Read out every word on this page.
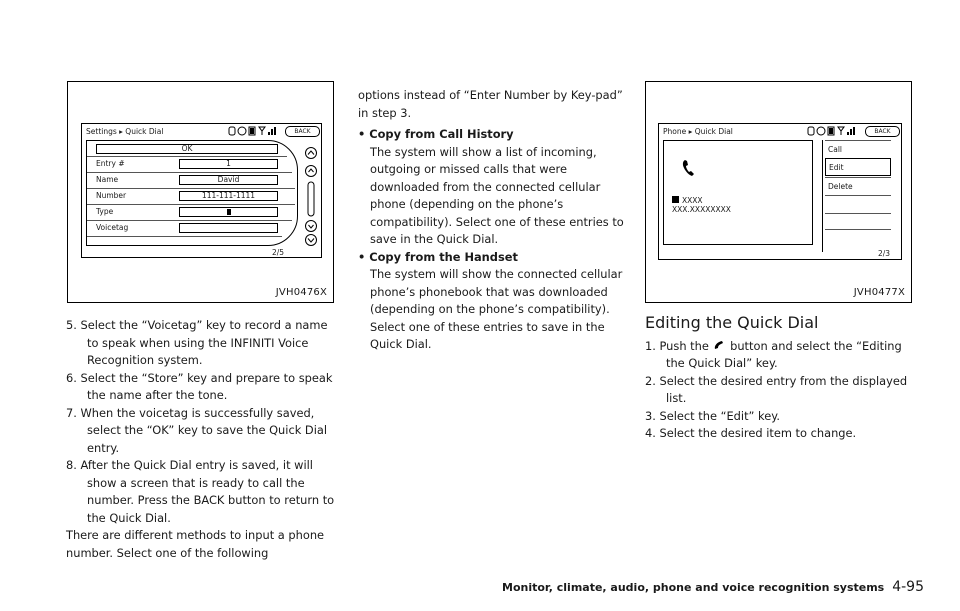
Settings ▸ Quick Dial	BACK
OK
Entry #	1
Name	David
Number	111-111-1111
Type
Voicetag
2/5
JVH0476X
Phone ▸ Quick Dial	BACK
XXXX
XXX.XXXXXXXX
Call
Edit
Delete
2/3
JVH0477X

5. Select the “Voicetag” key to record a name to speak when using the INFINITI Voice Recognition system.

6. Select the “Store” key and prepare to speak the name after the tone.

7. When the voicetag is successfully saved, select the “OK” key to save the Quick Dial entry.

8. After the Quick Dial entry is saved, it will show a screen that is ready to call the number. Press the BACK button to return to the Quick Dial.

There are different methods to input a phone number. Select one of the following

options instead of “Enter Number by Key-pad” in step 3.

• Copy from Call History

The system will show a list of incoming, outgoing or missed calls that were downloaded from the connected cellular phone (depending on the phone’s compatibility). Select one of these entries to save in the Quick Dial.

• Copy from the Handset

The system will show the connected cellular phone’s phonebook that was downloaded (depending on the phone’s compatibility). Select one of these entries to save in the Quick Dial.

Editing the Quick Dial

1. Push the button and select the “Editing the Quick Dial” key.

2. Select the desired entry from the displayed list.

3. Select the “Edit” key.

4. Select the desired item to change.

Monitor, climate, audio, phone and voice recognition systems 4-95
